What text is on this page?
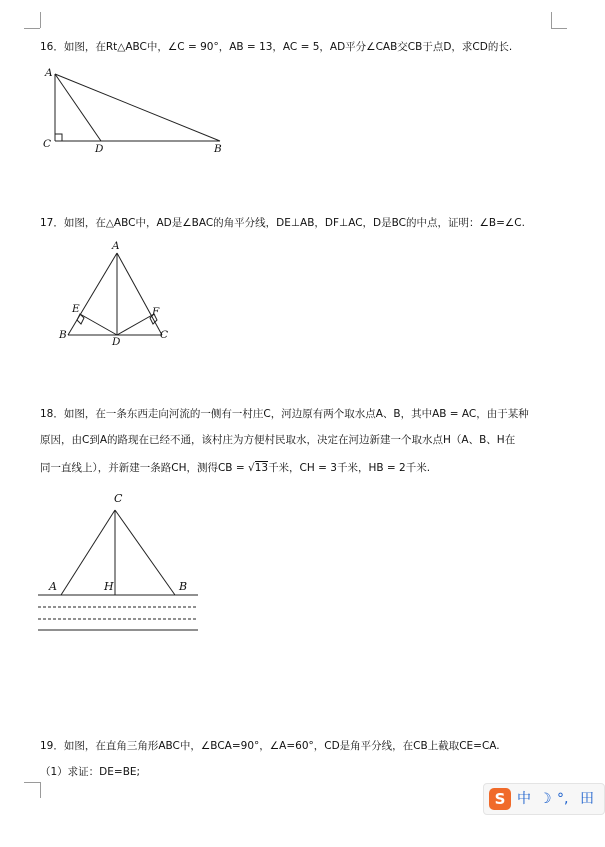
16．如图，在Rt△ABC中，∠C = 90°，AB = 13，AC = 5，AD平分∠CAB交CB于点D，求CD的长.
A
C	D	B
17．如图，在△ABC中，AD是∠BAC的角平分线，DE⊥AB，DF⊥AC，D是BC的中点，证明：∠B=∠C.
A
E	F
B
D
C
18．如图，在一条东西走向河流的一侧有一村庄C，河边原有两个取水点A、B，其中AB = AC，由于某种
原因，由C到A的路现在已经不通，该村庄为方便村民取水，决定在河边新建一个取水点H（A、B、H在
同一直线上），并新建一条路CH，测得CB = √13千米，CH = 3千米，HB = 2千米.
C
A	H	B
19．如图，在直角三角形ABC中，∠BCA=90°，∠A=60°，CD是角平分线，在CB上截取CE=CA.
（1）求证：DE=BE;
S 中 ☽ °, 田
